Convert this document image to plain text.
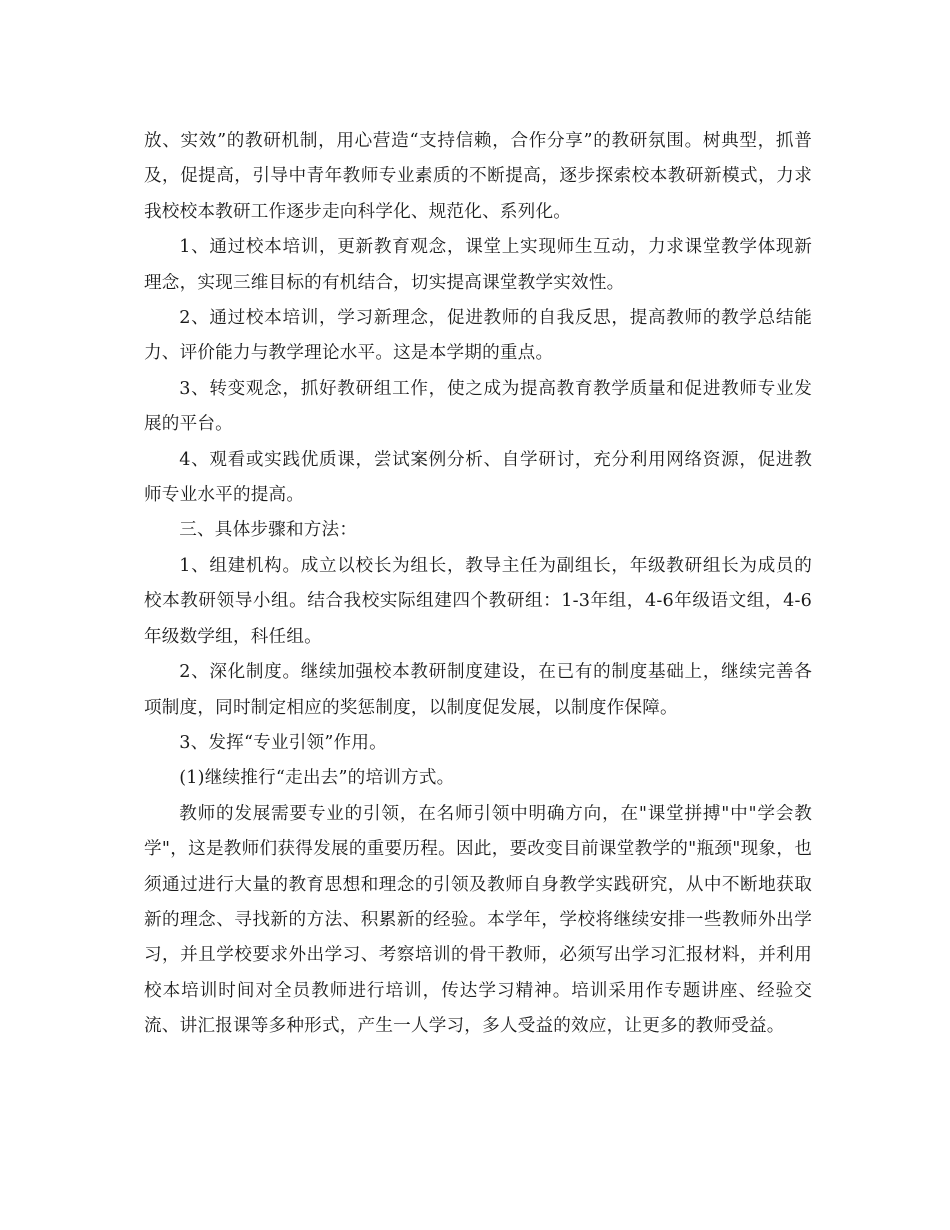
放、实效”的教研机制，用心营造“支持信赖，合作分享”的教研氛围。树典型，抓普及，促提高，引导中青年教师专业素质的不断提高，逐步探索校本教研新模式，力求我校校本教研工作逐步走向科学化、规范化、系列化。

1、通过校本培训，更新教育观念，课堂上实现师生互动，力求课堂教学体现新理念，实现三维目标的有机结合，切实提高课堂教学实效性。

2、通过校本培训，学习新理念，促进教师的自我反思，提高教师的教学总结能力、评价能力与教学理论水平。这是本学期的重点。

3、转变观念，抓好教研组工作，使之成为提高教育教学质量和促进教师专业发展的平台。

4、观看或实践优质课，尝试案例分析、自学研讨，充分利用网络资源，促进教师专业水平的提高。

三、具体步骤和方法：

1、组建机构。成立以校长为组长，教导主任为副组长，年级教研组长为成员的校本教研领导小组。结合我校实际组建四个教研组：1-3年组，4-6年级语文组，4-6年级数学组，科任组。

2、深化制度。继续加强校本教研制度建设，在已有的制度基础上，继续完善各项制度，同时制定相应的奖惩制度，以制度促发展，以制度作保障。

3、发挥“专业引领”作用。

(1)继续推行“走出去”的培训方式。

教师的发展需要专业的引领，在名师引领中明确方向，在"课堂拼搏"中"学会教学"，这是教师们获得发展的重要历程。因此，要改变目前课堂教学的"瓶颈"现象，也须通过进行大量的教育思想和理念的引领及教师自身教学实践研究，从中不断地获取新的理念、寻找新的方法、积累新的经验。本学年，学校将继续安排一些教师外出学习，并且学校要求外出学习、考察培训的骨干教师，必须写出学习汇报材料，并利用校本培训时间对全员教师进行培训，传达学习精神。培训采用作专题讲座、经验交流、讲汇报课等多种形式，产生一人学习，多人受益的效应，让更多的教师受益。
